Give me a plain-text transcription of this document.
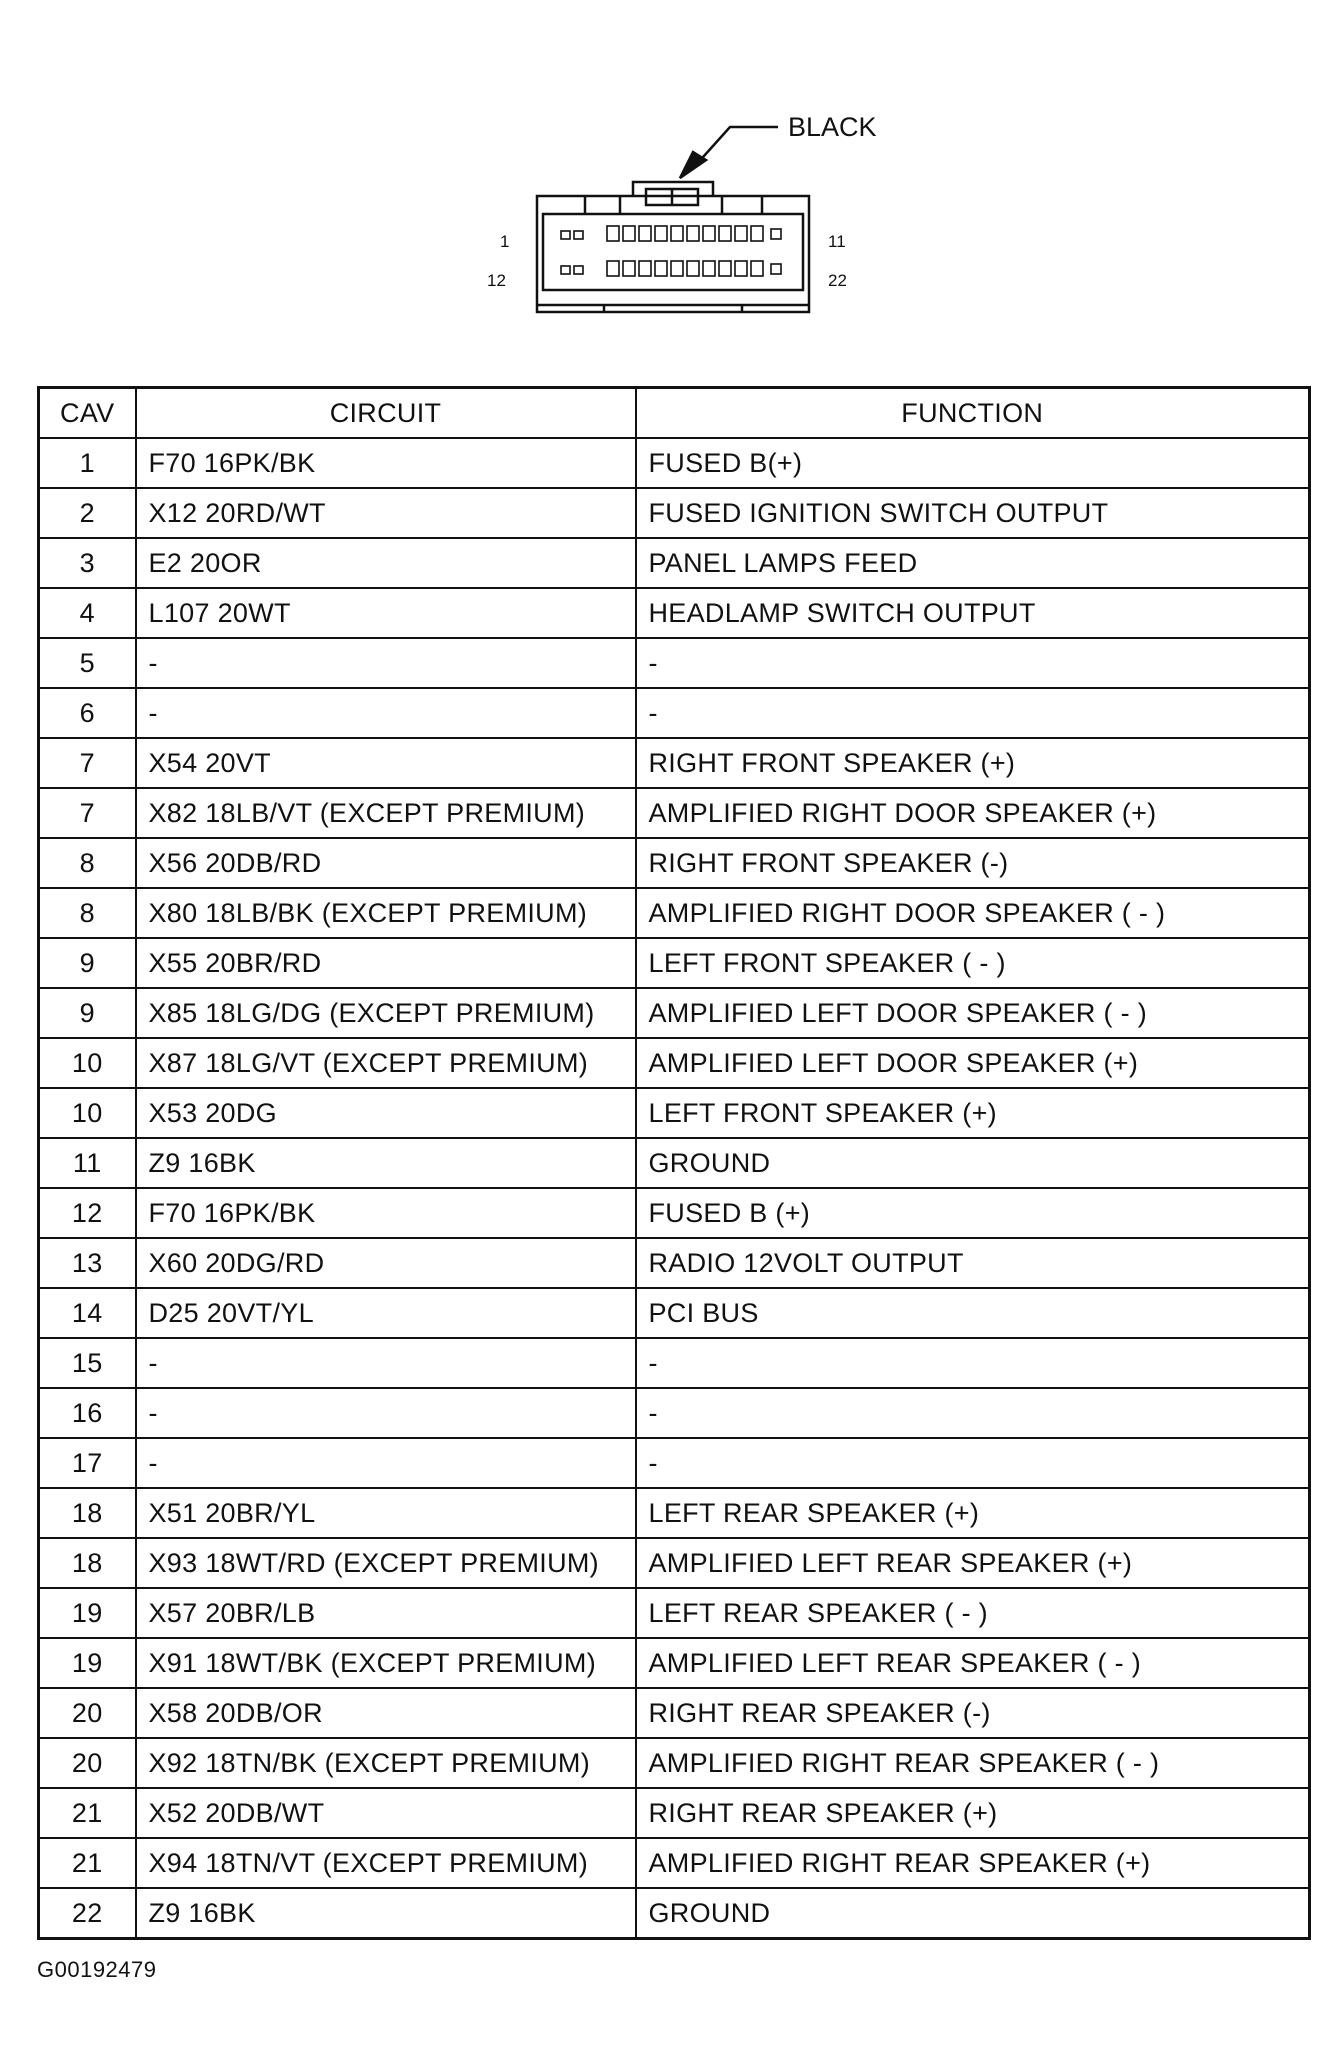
BLACK
1
12
11
22
CAV	CIRCUIT	FUNCTION
1	F70 16PK/BK	FUSED B(+)
2	X12 20RD/WT	FUSED IGNITION SWITCH OUTPUT
3	E2 20OR	PANEL LAMPS FEED
4	L107 20WT	HEADLAMP SWITCH OUTPUT
5	-	-
6	-	-
7	X54 20VT	RIGHT FRONT SPEAKER (+)
7	X82 18LB/VT (EXCEPT PREMIUM)	AMPLIFIED RIGHT DOOR SPEAKER (+)
8	X56 20DB/RD	RIGHT FRONT SPEAKER (-)
8	X80 18LB/BK (EXCEPT PREMIUM)	AMPLIFIED RIGHT DOOR SPEAKER ( - )
9	X55 20BR/RD	LEFT FRONT SPEAKER ( - )
9	X85 18LG/DG (EXCEPT PREMIUM)	AMPLIFIED LEFT DOOR SPEAKER ( - )
10	X87 18LG/VT (EXCEPT PREMIUM)	AMPLIFIED LEFT DOOR SPEAKER (+)
10	X53 20DG	LEFT FRONT SPEAKER (+)
11	Z9 16BK	GROUND
12	F70 16PK/BK	FUSED B (+)
13	X60 20DG/RD	RADIO 12VOLT OUTPUT
14	D25 20VT/YL	PCI BUS
15	-	-
16	-	-
17	-	-
18	X51 20BR/YL	LEFT REAR SPEAKER (+)
18	X93 18WT/RD (EXCEPT PREMIUM)	AMPLIFIED LEFT REAR SPEAKER (+)
19	X57 20BR/LB	LEFT REAR SPEAKER ( - )
19	X91 18WT/BK (EXCEPT PREMIUM)	AMPLIFIED LEFT REAR SPEAKER ( - )
20	X58 20DB/OR	RIGHT REAR SPEAKER (-)
20	X92 18TN/BK (EXCEPT PREMIUM)	AMPLIFIED RIGHT REAR SPEAKER ( - )
21	X52 20DB/WT	RIGHT REAR SPEAKER (+)
21	X94 18TN/VT (EXCEPT PREMIUM)	AMPLIFIED RIGHT REAR SPEAKER (+)
22	Z9 16BK	GROUND
G00192479
